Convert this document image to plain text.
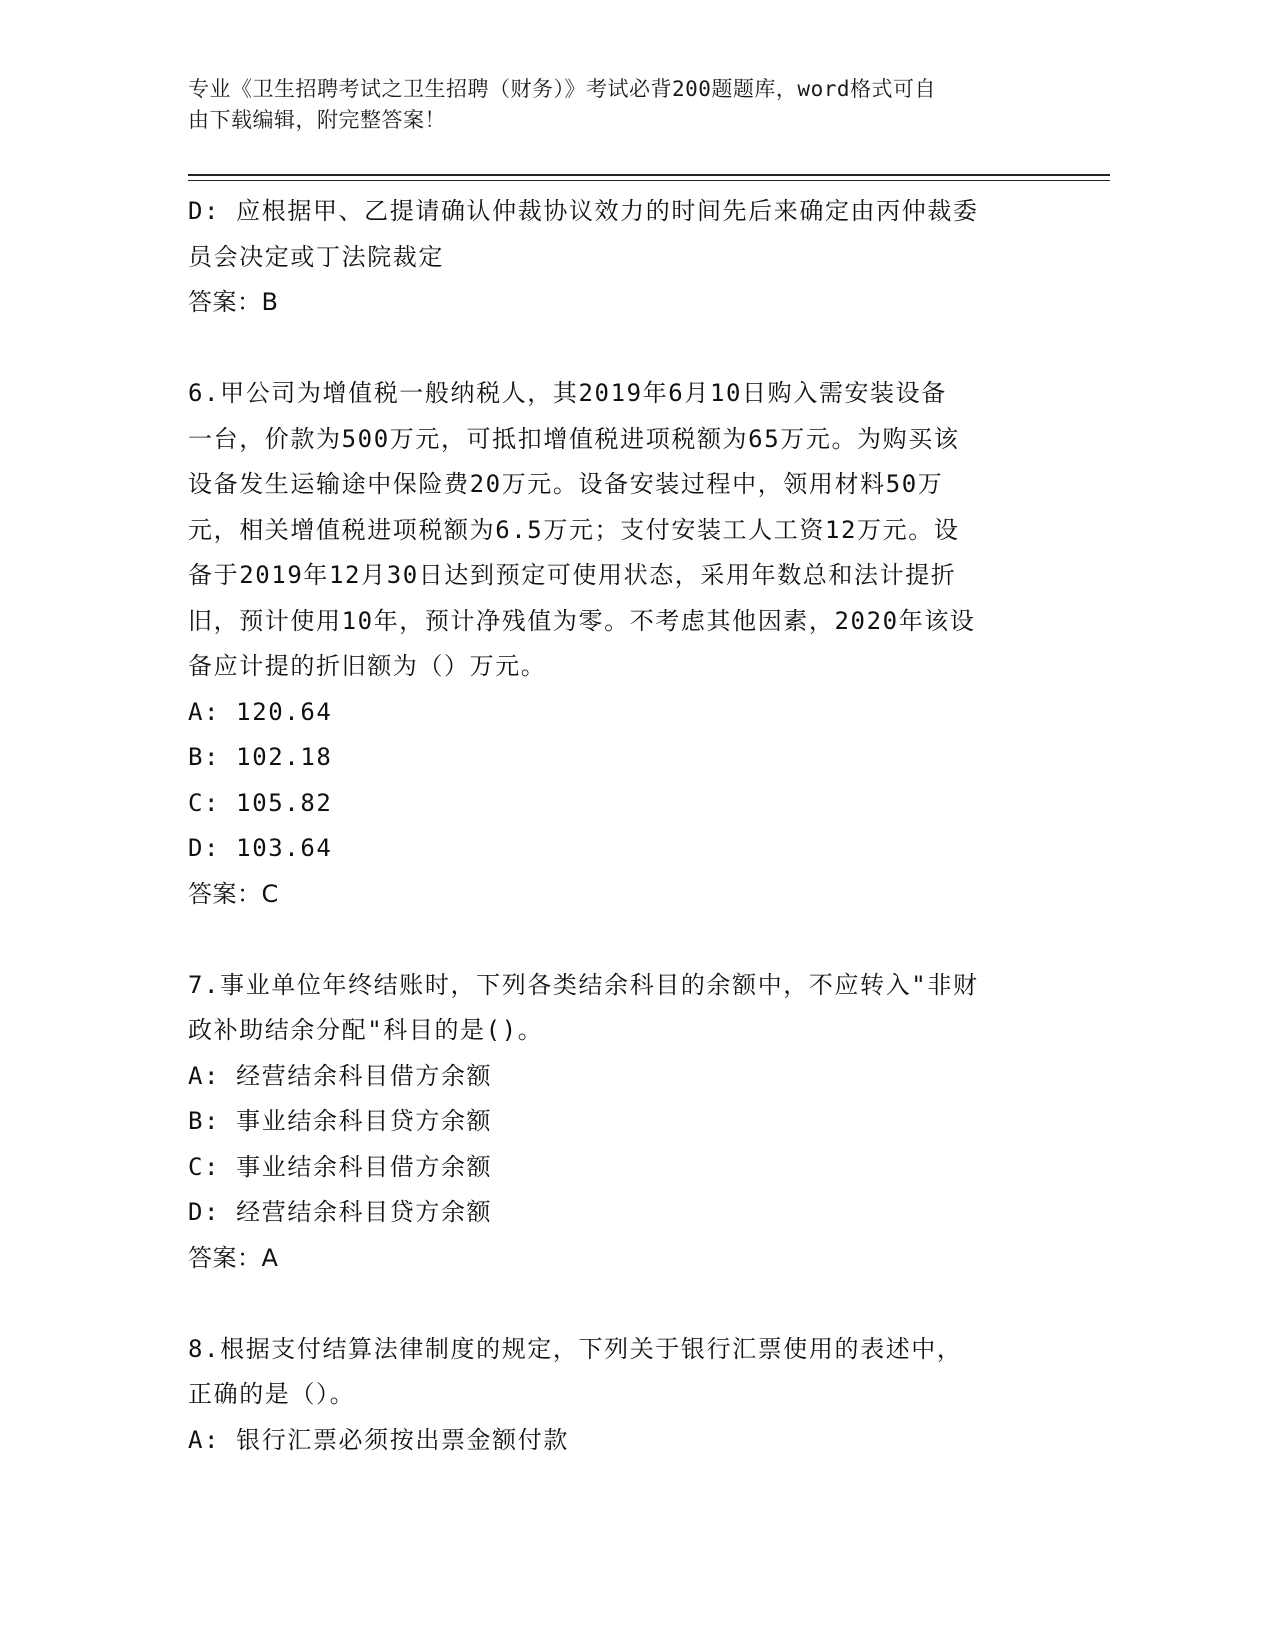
专业《卫生招聘考试之卫生招聘（财务）》考试必背200题题库，word格式可自
由下载编辑，附完整答案！
D: 应根据甲、乙提请确认仲裁协议效力的时间先后来确定由丙仲裁委
员会决定或丁法院裁定
答案：B
6.甲公司为增值税一般纳税人，其2019年6月10日购入需安装设备
一台，价款为500万元，可抵扣增值税进项税额为65万元。为购买该
设备发生运输途中保险费20万元。设备安装过程中，领用材料50万
元，相关增值税进项税额为6.5万元；支付安装工人工资12万元。设
备于2019年12月30日达到预定可使用状态，采用年数总和法计提折
旧，预计使用10年，预计净残值为零。不考虑其他因素，2020年该设
备应计提的折旧额为（）万元。
A: 120.64
B: 102.18
C: 105.82
D: 103.64
答案：C
7.事业单位年终结账时，下列各类结余科目的余额中，不应转入"非财
政补助结余分配"科目的是()。
A: 经营结余科目借方余额
B: 事业结余科目贷方余额
C: 事业结余科目借方余额
D: 经营结余科目贷方余额
答案：A
8.根据支付结算法律制度的规定，下列关于银行汇票使用的表述中，
正确的是（）。
A: 银行汇票必须按出票金额付款
